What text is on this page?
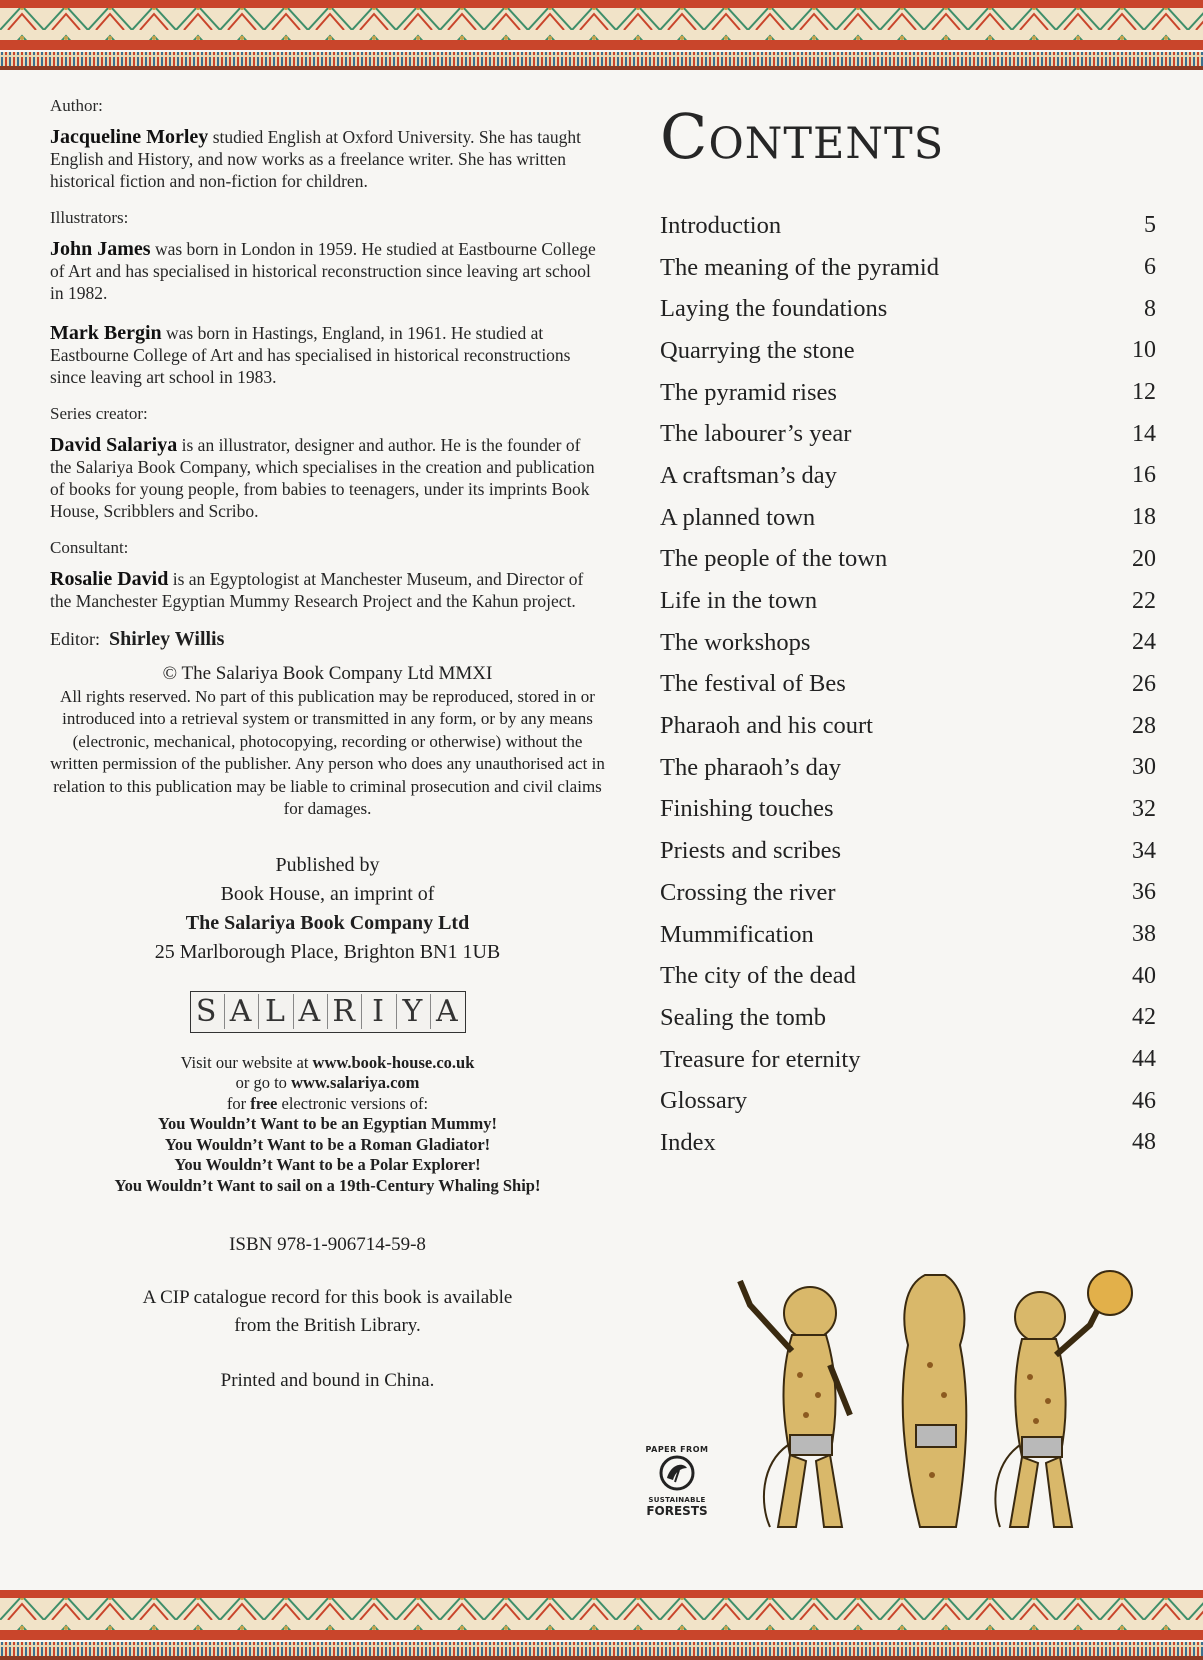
Author:

Jacqueline Morley studied English at Oxford University. She has taught English and History, and now works as a freelance writer. She has written historical fiction and non-fiction for children.

Illustrators:

John James was born in London in 1959. He studied at Eastbourne College of Art and has specialised in historical reconstruction since leaving art school in 1982.

Mark Bergin was born in Hastings, England, in 1961. He studied at Eastbourne College of Art and has specialised in historical reconstructions since leaving art school in 1983.

Series creator:

David Salariya is an illustrator, designer and author. He is the founder of the Salariya Book Company, which specialises in the creation and publication of books for young people, from babies to teenagers, under its imprints Book House, Scribblers and Scribo.

Consultant:

Rosalie David is an Egyptologist at Manchester Museum, and Director of the Manchester Egyptian Mummy Research Project and the Kahun project.

Editor: Shirley Willis

© The Salariya Book Company Ltd MMXI
All rights reserved. No part of this publication may be reproduced, stored in or introduced into a retrieval system or transmitted in any form, or by any means (electronic, mechanical, photocopying, recording or otherwise) without the written permission of the publisher. Any person who does any unauthorised act in relation to this publication may be liable to criminal prosecution and civil claims for damages.
Published by
Book House, an imprint of
The Salariya Book Company Ltd
25 Marlborough Place, Brighton BN1 1UB
S A L A R I Y A
Visit our website at www.book-house.co.uk
or go to www.salariya.com
for free electronic versions of:
You Wouldn’t Want to be an Egyptian Mummy!
You Wouldn’t Want to be a Roman Gladiator!
You Wouldn’t Want to be a Polar Explorer!
You Wouldn’t Want to sail on a 19th-Century Whaling Ship!
ISBN 978-1-906714-59-8
A CIP catalogue record for this book is available
from the British Library.
Printed and bound in China.
Contents
Introduction	5
The meaning of the pyramid	6
Laying the foundations	8
Quarrying the stone	10
The pyramid rises	12
The labourer’s year	14
A craftsman’s day	16
A planned town	18
The people of the town	20
Life in the town	22
The workshops	24
The festival of Bes	26
Pharaoh and his court	28
The pharaoh’s day	30
Finishing touches	32
Priests and scribes	34
Crossing the river	36
Mummification	38
The city of the dead	40
Sealing the tomb	42
Treasure for eternity	44
Glossary	46
Index	48
PAPER FROM
SUSTAINABLE
FORESTS
